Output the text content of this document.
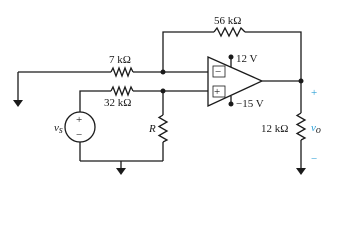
56 kΩ
7 kΩ
32 kΩ
R	12 kΩ
12 V
−15 V
−
+
+
−
vs
+
vo
−
